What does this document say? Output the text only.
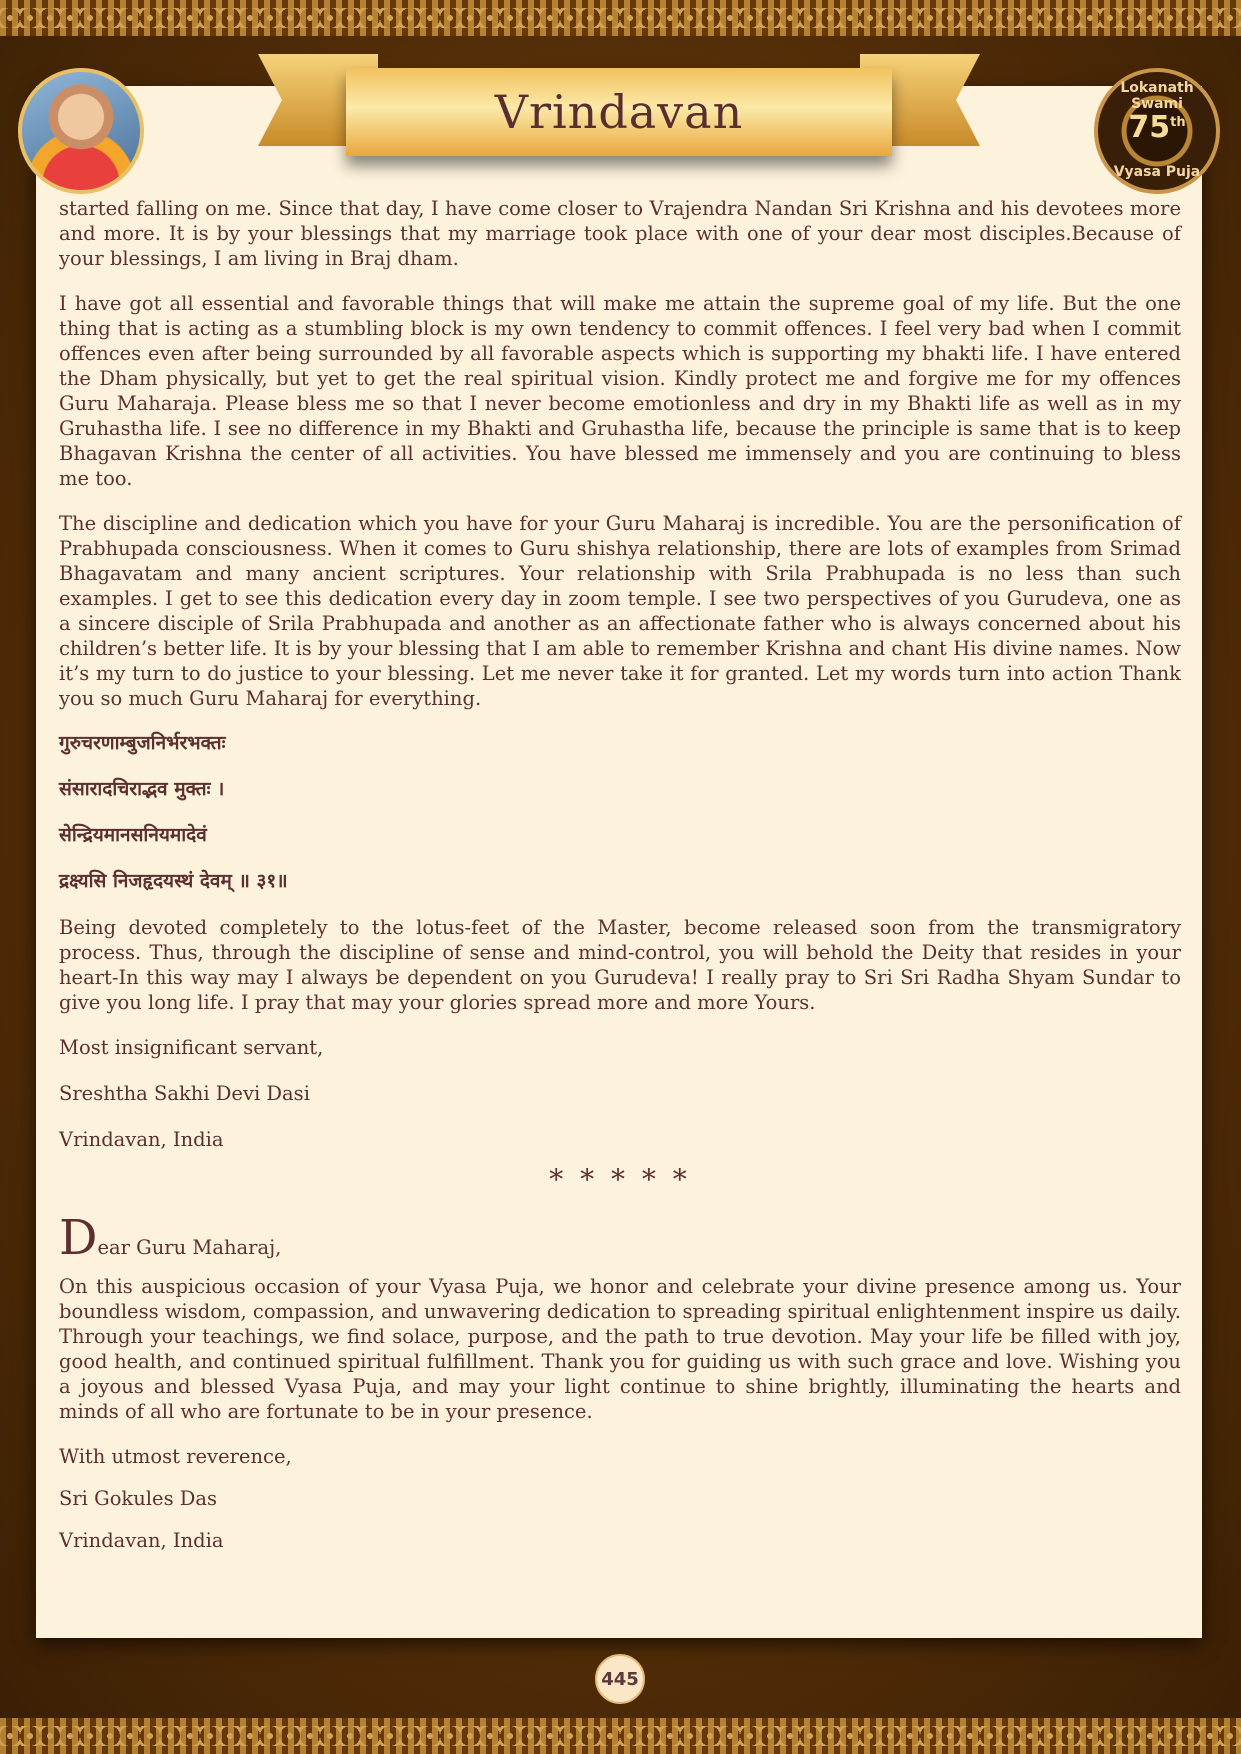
Vrindavan	Lokanath Swami
75th
Vyasa Puja

started falling on me. Since that day, I have come closer to Vrajendra Nandan Sri Krishna and his devotees more and more. It is by your blessings that my marriage took place with one of your dear most disciples.Because of your blessings, I am living in Braj dham.

I have got all essential and favorable things that will make me attain the supreme goal of my life. But the one thing that is acting as a stumbling block is my own tendency to commit offences. I feel very bad when I commit offences even after being surrounded by all favorable aspects which is supporting my bhakti life. I have entered the Dham physically, but yet to get the real spiritual vision. Kindly protect me and forgive me for my offences Guru Maharaja. Please bless me so that I never become emotionless and dry in my Bhakti life as well as in my Gruhastha life. I see no difference in my Bhakti and Gruhastha life, because the principle is same that is to keep Bhagavan Krishna the center of all activities. You have blessed me immensely and you are continuing to bless me too.

The discipline and dedication which you have for your Guru Maharaj is incredible. You are the personification of Prabhupada consciousness. When it comes to Guru shishya relationship, there are lots of examples from Srimad Bhagavatam and many ancient scriptures. Your relationship with Srila Prabhupada is no less than such examples. I get to see this dedication every day in zoom temple. I see two perspectives of you Gurudeva, one as a sincere disciple of Srila Prabhupada and another as an affectionate father who is always concerned about his children’s better life. It is by your blessing that I am able to remember Krishna and chant His divine names. Now it’s my turn to do justice to your blessing. Let me never take it for granted. Let my words turn into action Thank you so much Guru Maharaj for everything.

गुरुचरणाम्बुजनिर्भरभक्तः

संसारादचिराद्भव मुक्तः ।

सेन्द्रियमानसनियमादेवं

द्रक्ष्यसि निजहृदयस्थं देवम् ॥ ३१॥

Being devoted completely to the lotus-feet of the Master, become released soon from the transmigratory process. Thus, through the discipline of sense and mind-control, you will behold the Deity that resides in your heart-In this way may I always be dependent on you Gurudeva! I really pray to Sri Sri Radha Shyam Sundar to give you long life. I pray that may your glories spread more and more Yours.

Most insignificant servant,

Sreshtha Sakhi Devi Dasi

Vrindavan, India

* * * * *

Dear Guru Maharaj,

On this auspicious occasion of your Vyasa Puja, we honor and celebrate your divine presence among us. Your boundless wisdom, compassion, and unwavering dedication to spreading spiritual enlightenment inspire us daily. Through your teachings, we find solace, purpose, and the path to true devotion. May your life be filled with joy, good health, and continued spiritual fulfillment. Thank you for guiding us with such grace and love. Wishing you a joyous and blessed Vyasa Puja, and may your light continue to shine brightly, illuminating the hearts and minds of all who are fortunate to be in your presence.

With utmost reverence,

Sri Gokules Das

Vrindavan, India

445
